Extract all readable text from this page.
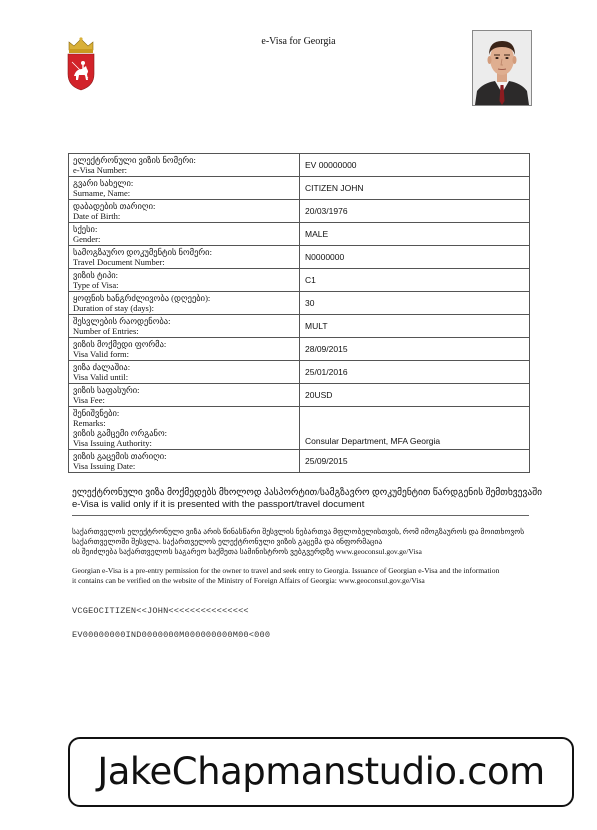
e-Visa for Georgia
ელექტრონული ვიზის ნომერი:
e-Visa Number:	EV 00000000
გვარი სახელი:
Surname, Name:	CITIZEN JOHN
დაბადების თარიღი:
Date of Birth:	20/03/1976
სქესი:
Gender:	MALE
სამოგზაურო დოკუმენტის ნომერი:
Travel Document Number:	N0000000
ვიზის ტიპი:
Type of Visa:	C1
ყოფნის ხანგრძლივობა (დღეები):
Duration of stay (days):	30
შესვლების რაოდენობა:
Number of Entries:	MULT
ვიზის მოქმედი ფორმა:
Visa Valid form:	28/09/2015
ვიზა ძალაშია:
Visa Valid until:	25/01/2016
ვიზის საფასური:
Visa Fee:	20USD
შენიშვნები:
Remarks:
ვიზის გამცემი ორგანო:
Visa Issuing Authority:	Consular Department, MFA Georgia
ვიზის გაცემის თარიღი:
Visa Issuing Date:	25/09/2015
ელექტრონული ვიზა მოქმედებს მხოლოდ პასპორტით/სამგზავრო დოკუმენტით წარდგენის შემთხვევაში
e-Visa is valid only if it is presented with the passport/travel document
საქართველოს ელექტრონული ვიზა არის წინასწარი შესვლის ნებართვა მფლობელისთვის, რომ იმოგზაუროს და მოითხოვოს
საქართველოში შესვლა. საქართველოს ელექტრონული ვიზის გაცემა და ინფორმაცია
ის შეიძლება საქართველოს საგარეო საქმეთა სამინისტროს ვებგვერდზე www.geoconsul.gov.ge/Visa
Georgian e-Visa is a pre-entry permission for the owner to travel and seek entry to Georgia. Issuance of Georgian e-Visa and the information
it contains can be verified on the website of the Ministry of Foreign Affairs of Georgia: www.geoconsul.gov.ge/Visa
VCGEOCITIZEN<<JOHN<<<<<<<<<<<<<<<
EV00000000IND0000000M000000000M00<000
JakeChapmanstudio.com
